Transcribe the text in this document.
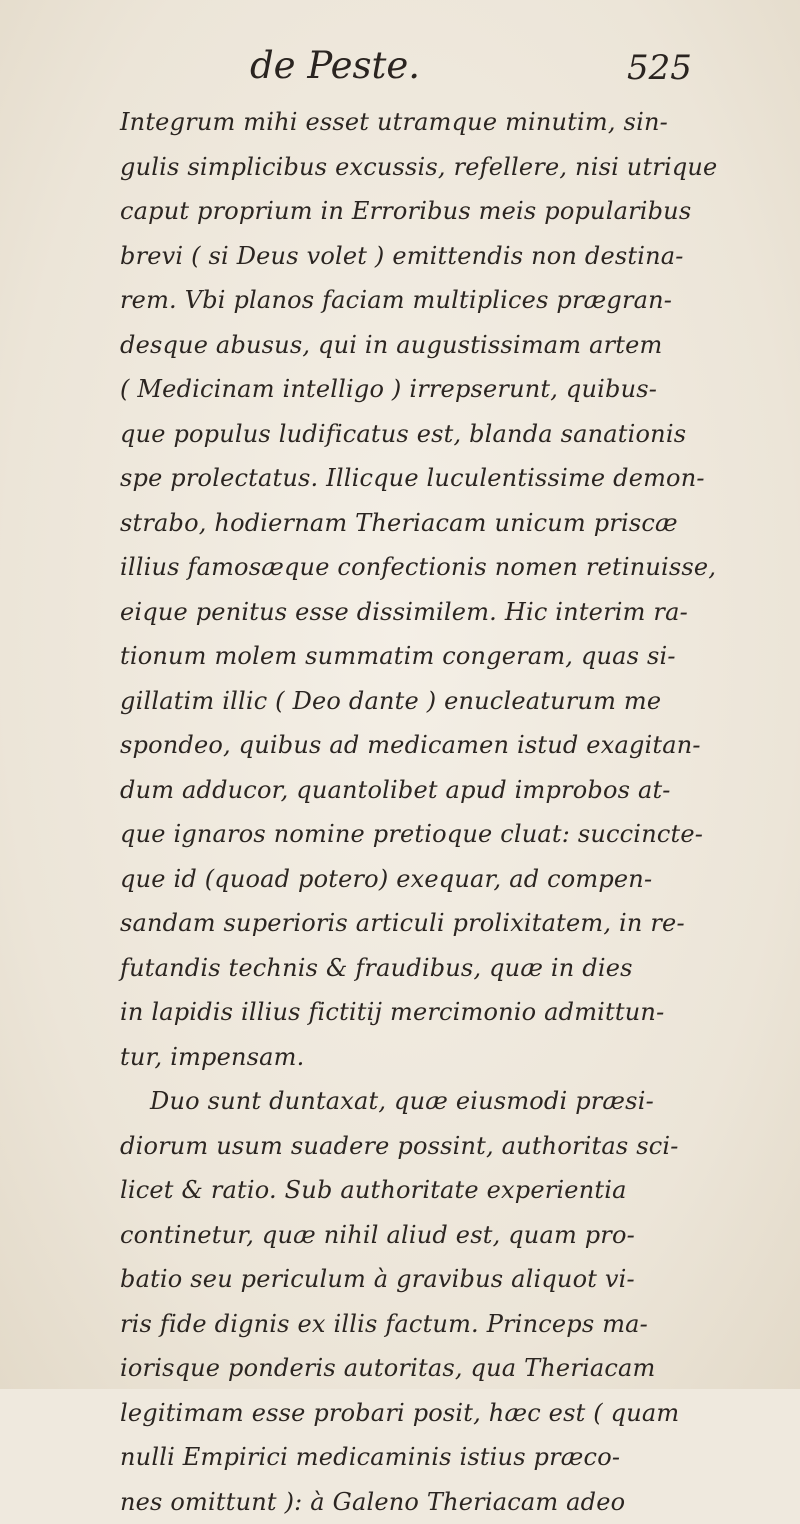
de Peste.	525
Integrum mihi esset utramque minutim, sin-
gulis simplicibus excussis, refellere, nisi utrique
caput proprium in Erroribus meis popularibus
brevi ( si Deus volet ) emittendis non destina-
rem. Vbi planos faciam multiplices prægran-
desque abusus, qui in augustissimam artem
( Medicinam intelligo ) irrepserunt, quibus-
que populus ludificatus est, blanda sanationis
spe prolectatus. Illicque luculentissime demon-
strabo, hodiernam Theriacam unicum priscæ
illius famosæque confectionis nomen retinuisse,
eique penitus esse dissimilem. Hic interim ra-
tionum molem summatim congeram, quas si-
gillatim illic ( Deo dante ) enucleaturum me
spondeo, quibus ad medicamen istud exagitan-
dum adducor, quantolibet apud improbos at-
que ignaros nomine pretioque cluat: succincte-
que id (quoad potero) exequar, ad compen-
sandam superioris articuli prolixitatem, in re-
futandis technis & fraudibus, quæ in dies
in lapidis illius fictitij mercimonio admittun-
tur, impensam.
Duo sunt duntaxat, quæ eiusmodi præsi-
diorum usum suadere possint, authoritas sci-
licet & ratio. Sub authoritate experientia
continetur, quæ nihil aliud est, quam pro-
batio seu periculum à gravibus aliquot vi-
ris fide dignis ex illis factum. Princeps ma-
iorisque ponderis autoritas, qua Theriacam
legitimam esse probari posit, hæc est ( quam
nulli Empirici medicaminis istius præco-
nes omittunt ): à Galeno Theriacam adeo
